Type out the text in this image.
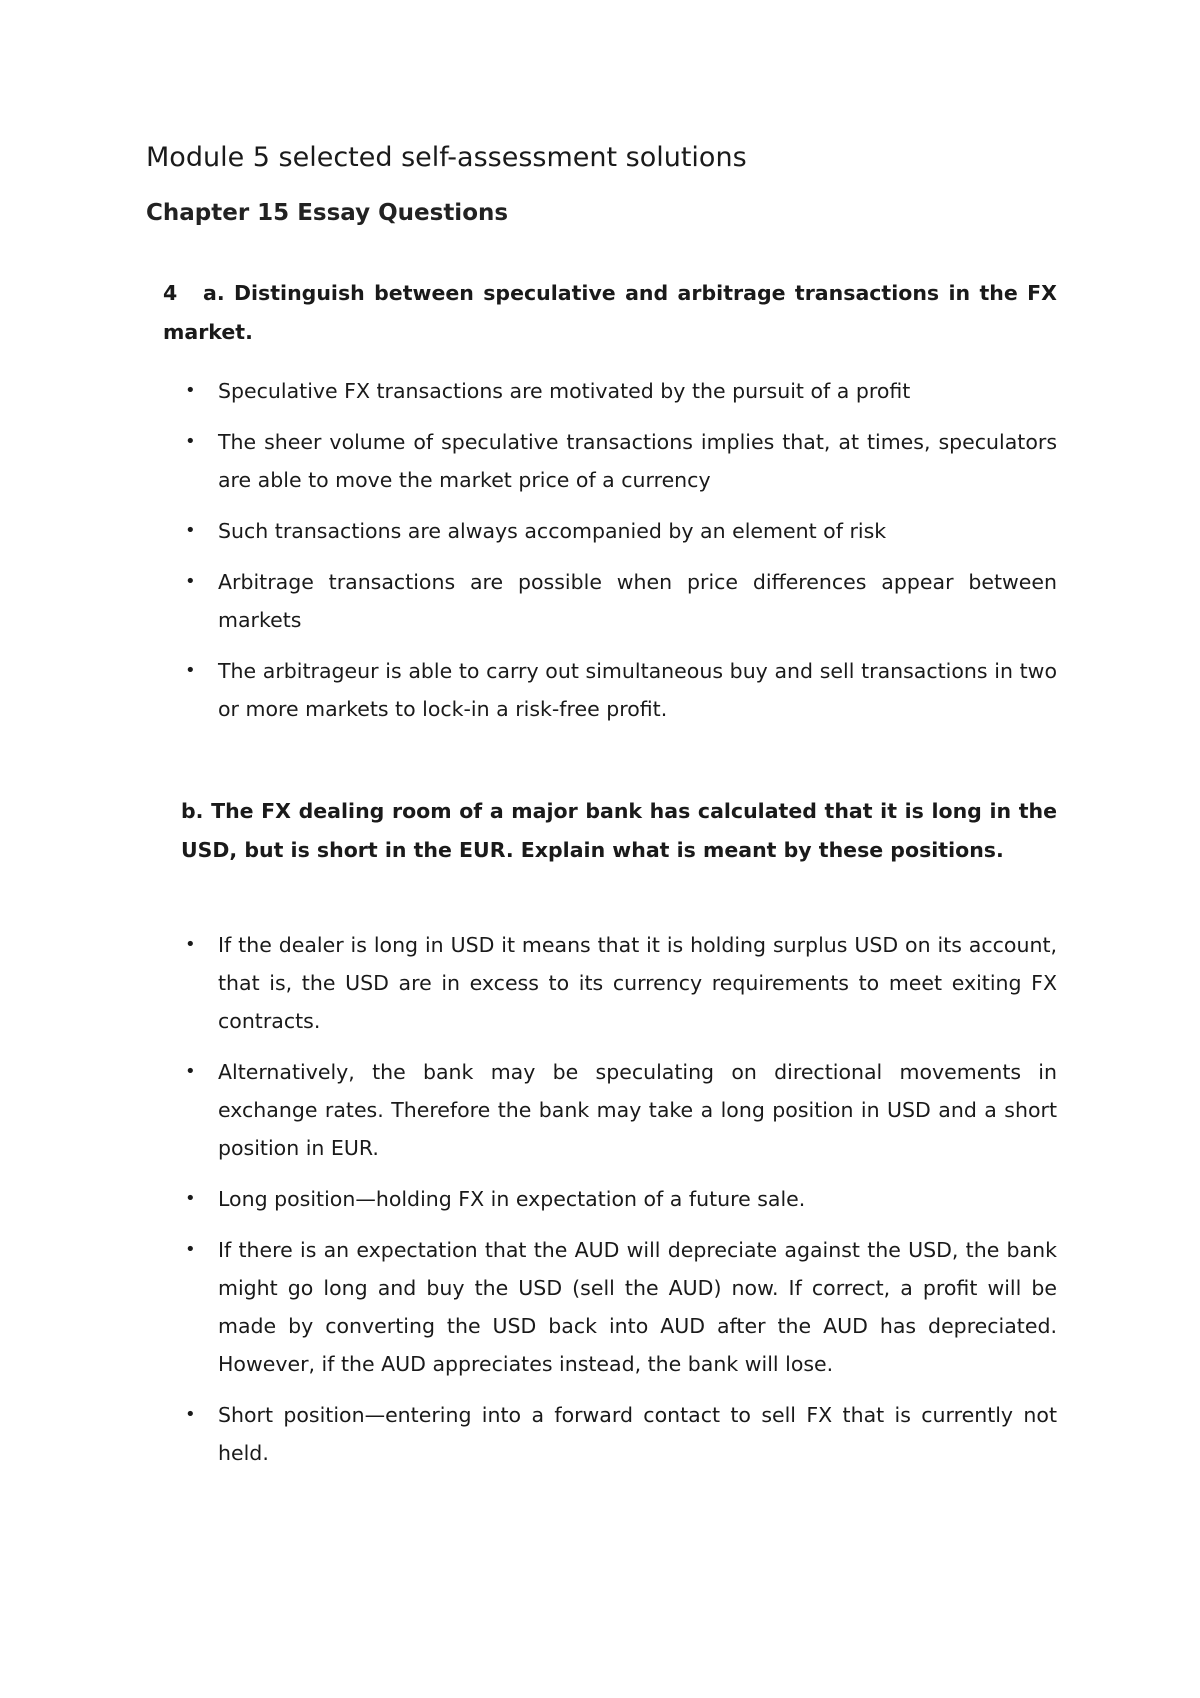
Module 5 selected self-assessment solutions
Chapter 15 Essay Questions

4 a. Distinguish between speculative and arbitrage transactions in the FX market.

• Speculative FX transactions are motivated by the pursuit of a profit
• The sheer volume of speculative transactions implies that, at times, speculators are able to move the market price of a currency
• Such transactions are always accompanied by an element of risk
• Arbitrage transactions are possible when price differences appear between markets
• The arbitrageur is able to carry out simultaneous buy and sell transactions in two or more markets to lock-in a risk-free profit.

b. The FX dealing room of a major bank has calculated that it is long in the USD, but is short in the EUR. Explain what is meant by these positions.

• If the dealer is long in USD it means that it is holding surplus USD on its account, that is, the USD are in excess to its currency requirements to meet exiting FX contracts.
• Alternatively, the bank may be speculating on directional movements in exchange rates. Therefore the bank may take a long position in USD and a short position in EUR.
• Long position—holding FX in expectation of a future sale.
• If there is an expectation that the AUD will depreciate against the USD, the bank might go long and buy the USD (sell the AUD) now. If correct, a profit will be made by converting the USD back into AUD after the AUD has depreciated. However, if the AUD appreciates instead, the bank will lose.
• Short position—entering into a forward contact to sell FX that is currently not held.
